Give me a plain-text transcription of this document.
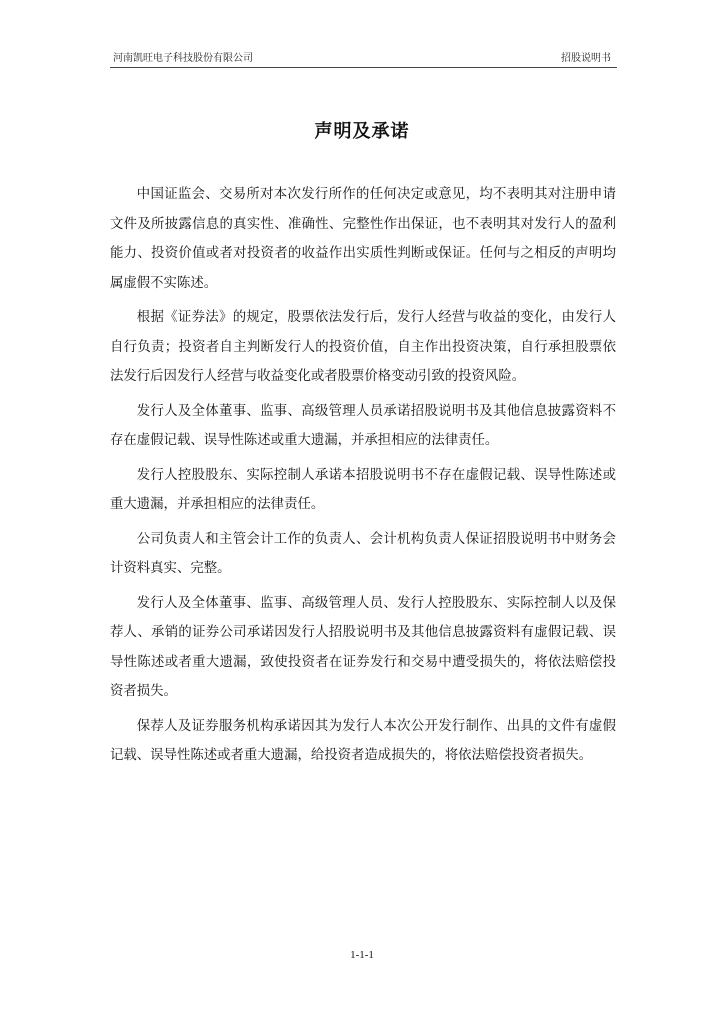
河南凯旺电子科技股份有限公司	招股说明书
声明及承诺

中国证监会、交易所对本次发行所作的任何决定或意见，均不表明其对注册申请文件及所披露信息的真实性、准确性、完整性作出保证，也不表明其对发行人的盈利能力、投资价值或者对投资者的收益作出实质性判断或保证。任何与之相反的声明均属虚假不实陈述。

根据《证券法》的规定，股票依法发行后，发行人经营与收益的变化，由发行人自行负责；投资者自主判断发行人的投资价值，自主作出投资决策，自行承担股票依法发行后因发行人经营与收益变化或者股票价格变动引致的投资风险。

发行人及全体董事、监事、高级管理人员承诺招股说明书及其他信息披露资料不存在虚假记载、误导性陈述或重大遗漏，并承担相应的法律责任。

发行人控股股东、实际控制人承诺本招股说明书不存在虚假记载、误导性陈述或重大遗漏，并承担相应的法律责任。

公司负责人和主管会计工作的负责人、会计机构负责人保证招股说明书中财务会计资料真实、完整。

发行人及全体董事、监事、高级管理人员、发行人控股股东、实际控制人以及保荐人、承销的证券公司承诺因发行人招股说明书及其他信息披露资料有虚假记载、误导性陈述或者重大遗漏，致使投资者在证券发行和交易中遭受损失的，将依法赔偿投资者损失。

保荐人及证券服务机构承诺因其为发行人本次公开发行制作、出具的文件有虚假记载、误导性陈述或者重大遗漏，给投资者造成损失的，将依法赔偿投资者损失。

1-1-1
